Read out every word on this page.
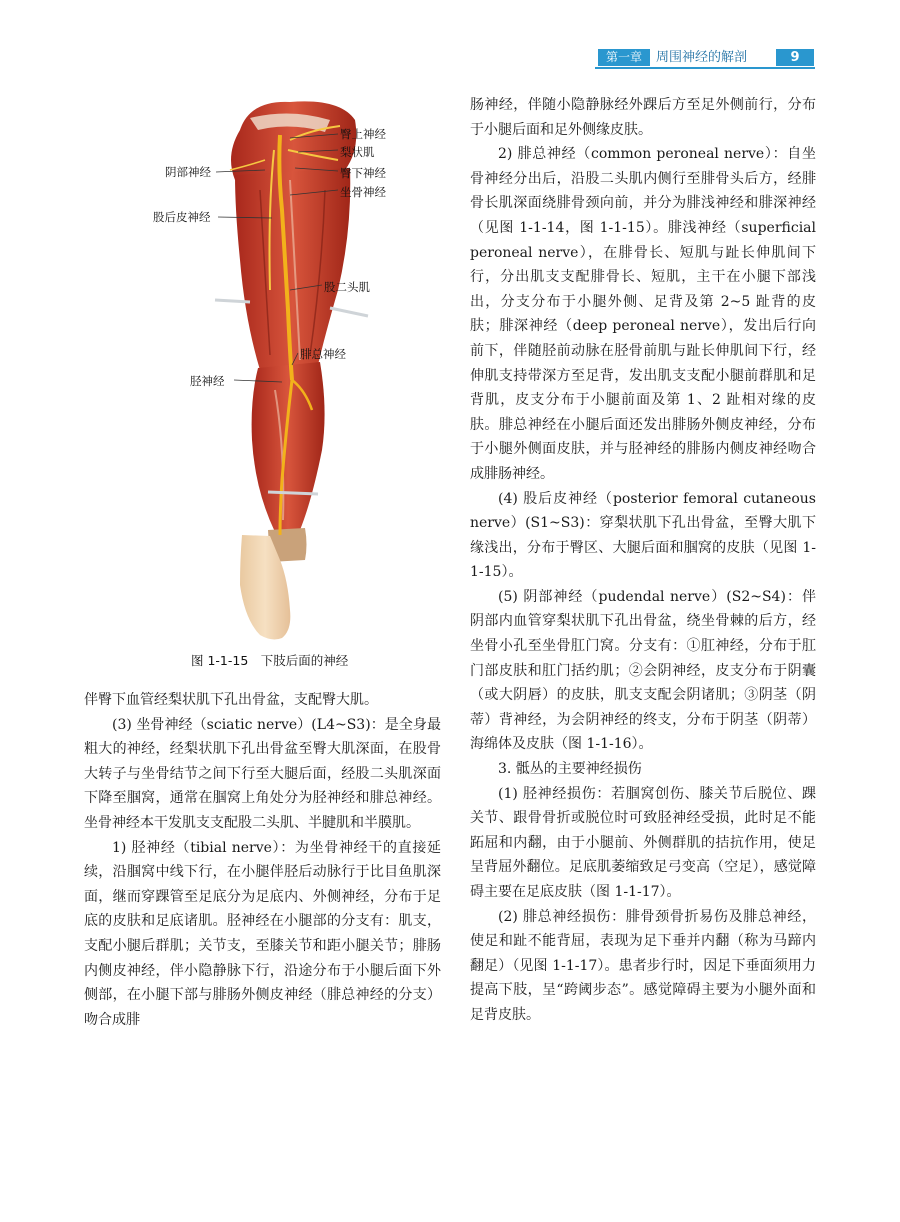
第一章	周围神经的解剖	9
臀上神经
梨状肌
臀下神经
坐骨神经
阴部神经
股后皮神经
股二头肌
腓总神经
胫神经
图 1-1-15　下肢后面的神经

伴臀下血管经梨状肌下孔出骨盆，支配臀大肌。

(3) 坐骨神经（sciatic nerve）(L4~S3)：是全身最粗大的神经，经梨状肌下孔出骨盆至臀大肌深面，在股骨大转子与坐骨结节之间下行至大腿后面，经股二头肌深面下降至腘窝，通常在腘窝上角处分为胫神经和腓总神经。坐骨神经本干发肌支支配股二头肌、半腱肌和半膜肌。

1) 胫神经（tibial nerve）：为坐骨神经干的直接延续，沿腘窝中线下行，在小腿伴胫后动脉行于比目鱼肌深面，继而穿踝管至足底分为足底内、外侧神经，分布于足底的皮肤和足底诸肌。胫神经在小腿部的分支有：肌支，支配小腿后群肌；关节支，至膝关节和距小腿关节；腓肠内侧皮神经，伴小隐静脉下行，沿途分布于小腿后面下外侧部，在小腿下部与腓肠外侧皮神经（腓总神经的分支）吻合成腓

肠神经，伴随小隐静脉经外踝后方至足外侧前行，分布于小腿后面和足外侧缘皮肤。

2) 腓总神经（common peroneal nerve）：自坐骨神经分出后，沿股二头肌内侧行至腓骨头后方，经腓骨长肌深面绕腓骨颈向前，并分为腓浅神经和腓深神经（见图 1-1-14，图 1-1-15）。腓浅神经（superficial peroneal nerve），在腓骨长、短肌与趾长伸肌间下行，分出肌支支配腓骨长、短肌，主干在小腿下部浅出，分支分布于小腿外侧、足背及第 2~5 趾背的皮肤；腓深神经（deep peroneal nerve），发出后行向前下，伴随胫前动脉在胫骨前肌与趾长伸肌间下行，经伸肌支持带深方至足背，发出肌支支配小腿前群肌和足背肌，皮支分布于小腿前面及第 1、2 趾相对缘的皮肤。腓总神经在小腿后面还发出腓肠外侧皮神经，分布于小腿外侧面皮肤，并与胫神经的腓肠内侧皮神经吻合成腓肠神经。

(4) 股后皮神经（posterior femoral cutaneous nerve）(S1~S3)：穿梨状肌下孔出骨盆，至臀大肌下缘浅出，分布于臀区、大腿后面和腘窝的皮肤（见图 1-1-15）。

(5) 阴部神经（pudendal nerve）(S2~S4)：伴阴部内血管穿梨状肌下孔出骨盆，绕坐骨棘的后方，经坐骨小孔至坐骨肛门窝。分支有：①肛神经，分布于肛门部皮肤和肛门括约肌；②会阴神经，皮支分布于阴囊（或大阴唇）的皮肤，肌支支配会阴诸肌；③阴茎（阴蒂）背神经，为会阴神经的终支，分布于阴茎（阴蒂）海绵体及皮肤（图 1-1-16）。

3. 骶丛的主要神经损伤

(1) 胫神经损伤：若腘窝创伤、膝关节后脱位、踝关节、跟骨骨折或脱位时可致胫神经受损，此时足不能跖屈和内翻，由于小腿前、外侧群肌的拮抗作用，使足呈背屈外翻位。足底肌萎缩致足弓变高（空足），感觉障碍主要在足底皮肤（图 1-1-17）。

(2) 腓总神经损伤：腓骨颈骨折易伤及腓总神经，使足和趾不能背屈，表现为足下垂并内翻（称为马蹄内翻足）（见图 1-1-17）。患者步行时，因足下垂面须用力提高下肢，呈“跨阈步态”。感觉障碍主要为小腿外面和足背皮肤。
